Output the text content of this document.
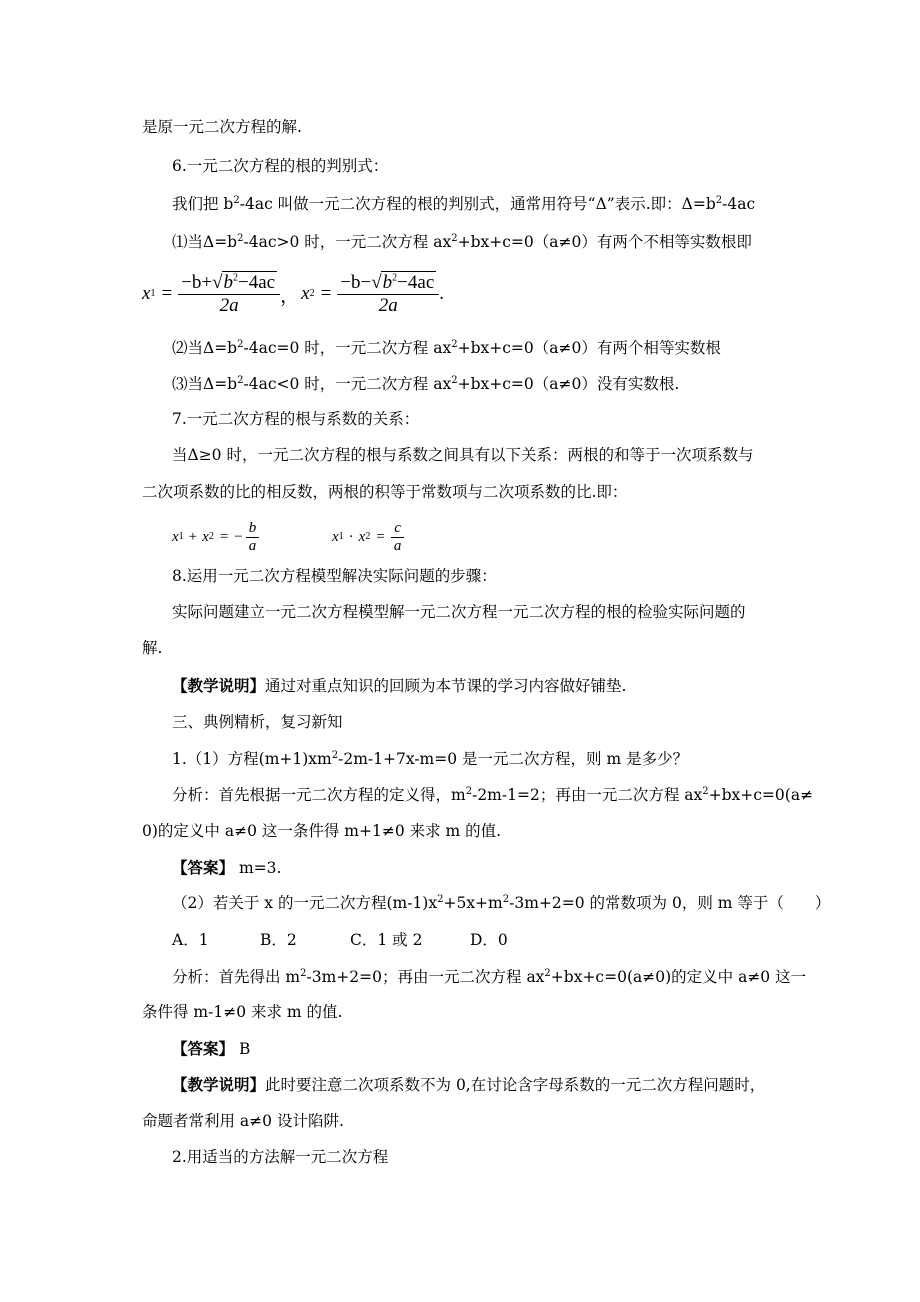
是原一元二次方程的解.
6.一元二次方程的根的判别式：
我们把 $b^2-4ac$ 叫做一元二次方程的根的判别式，通常用符号“Δ”表示.即：$\Delta=b^2-4ac$
⑴当$\Delta=b^2-4ac>0$ 时，一元二次方程 $ax^2+bx+c=0(a\ne 0)$有两个不相等实数根即
x $1 = \frac{-b+√b^2-4ac}{2a}$ ， x $2 = \frac{-b-√b^2-4ac}{2a}$ .
⑵当$\Delta=b^2-4ac=0$ 时，一元二次方程 $ax^2+bx+c=0(a\ne 0)$有两个相等实数根
⑶当$\Delta=b^2-4ac<0$ 时，一元二次方程 $ax^2+bx+c=0(a\ne 0)$没有实数根.
7.一元二次方程的根与系数的关系：
当Δ≥0 时，一元二次方程的根与系数之间具有以下关系：两根的和等于一次项系数与
二次项系数的比的相反数，两根的积等于常数项与二次项系数的比.即：
x 1 + x 2 = − $\frac{b}{a}$	x 1 · x $2 = \frac{c}{a}$
8.运用一元二次方程模型解决实际问题的步骤：
实际问题建立一元二次方程模型解一元二次方程一元二次方程的根的检验实际问题的
解.
【教学说明】通过对重点知识的回顾为本节课的学习内容做好铺垫.
三、典例精析，复习新知
1.（1）方程$(m+1)xm^2-2m-1+7x-m=0$ 是一元二次方程，则 m 是多少？
分析：首先根据一元二次方程的定义得，$m^2-2m-1=2$；再由一元二次方程 $ax^2+bx+c=0(a\ne$
0)的定义中 a≠0 这一条件得 m+1≠0 来求 m 的值.
【答案】 m=3.
（2）若关于 x 的一元二次方程$(m-1)x^2+5x+m^2-3m+2=0$ 的常数项为 0，则 m 等于（　　）
A．1	B．2	C．1 或 2	D．0
分析：首先得出 $m^2-3m+2=0$；再由一元二次方程 $ax^2+bx+c=0(a\ne 0)$的定义中 a≠0 这一
条件得 m-1≠0 来求 m 的值.
【答案】 B
【教学说明】此时要注意二次项系数不为 0,在讨论含字母系数的一元二次方程问题时，
命题者常利用 a≠0 设计陷阱.
2.用适当的方法解一元二次方程
